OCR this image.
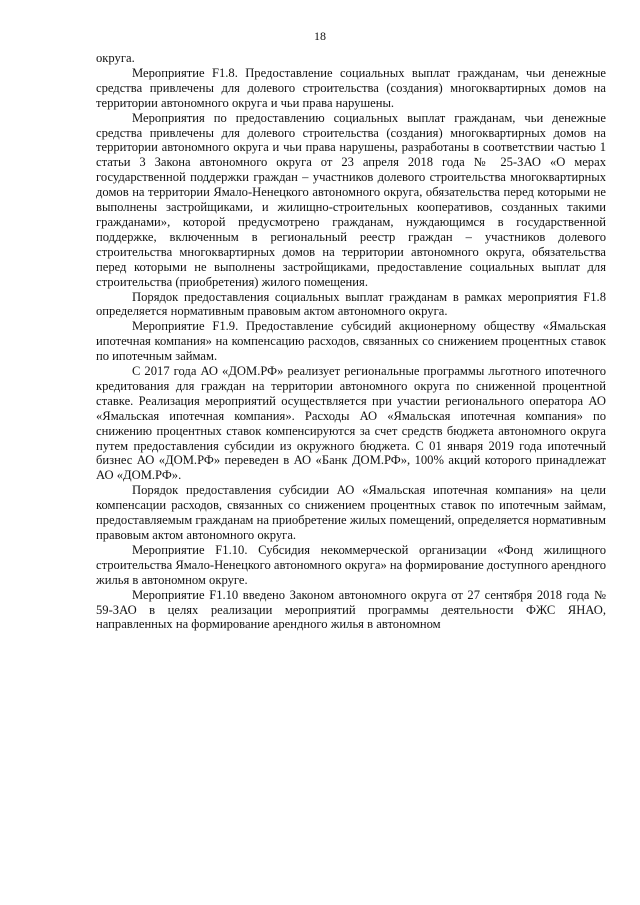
18

округа.

Мероприятие F1.8. Предоставление социальных выплат гражданам, чьи денежные средства привлечены для долевого строительства (создания) многоквартирных домов на территории автономного округа и чьи права нарушены.

Мероприятия по предоставлению социальных выплат гражданам, чьи денежные средства привлечены для долевого строительства (создания) многоквартирных домов на территории автономного округа и чьи права нарушены, разработаны в соответствии частью 1 статьи 3 Закона автономного округа от 23 апреля 2018 года № 25-ЗАО «О мерах государственной поддержки граждан – участников долевого строительства многоквартирных домов на территории Ямало-Ненецкого автономного округа, обязательства перед которыми не выполнены застройщиками, и жилищно-строительных кооперативов, созданных такими гражданами», которой предусмотрено гражданам, нуждающимся в государственной поддержке, включенным в региональный реестр граждан – участников долевого строительства многоквартирных домов на территории автономного округа, обязательства перед которыми не выполнены застройщиками, предоставление социальных выплат для строительства (приобретения) жилого помещения.

Порядок предоставления социальных выплат гражданам в рамках мероприятия F1.8 определяется нормативным правовым актом автономного округа.

Мероприятие F1.9. Предоставление субсидий акционерному обществу «Ямальская ипотечная компания» на компенсацию расходов, связанных со снижением процентных ставок по ипотечным займам.

С 2017 года АО «ДОМ.РФ» реализует региональные программы льготного ипотечного кредитования для граждан на территории автономного округа по сниженной процентной ставке. Реализация мероприятий осуществляется при участии регионального оператора АО «Ямальская ипотечная компания». Расходы АО «Ямальская ипотечная компания» по снижению процентных ставок компенсируются за счет средств бюджета автономного округа путем предоставления субсидии из окружного бюджета. С 01 января 2019 года ипотечный бизнес АО «ДОМ.РФ» переведен в АО «Банк ДОМ.РФ», 100% акций которого принадлежат АО «ДОМ.РФ».

Порядок предоставления субсидии АО «Ямальская ипотечная компания» на цели компенсации расходов, связанных со снижением процентных ставок по ипотечным займам, предоставляемым гражданам на приобретение жилых помещений, определяется нормативным правовым актом автономного округа.

Мероприятие F1.10. Субсидия некоммерческой организации «Фонд жилищного строительства Ямало-Ненецкого автономного округа» на формирование доступного арендного жилья в автономном округе.

Мероприятие F1.10 введено Законом автономного округа от 27 сентября 2018 года № 59-ЗАО в целях реализации мероприятий программы деятельности ФЖС ЯНАО, направленных на формирование арендного жилья в автономном
